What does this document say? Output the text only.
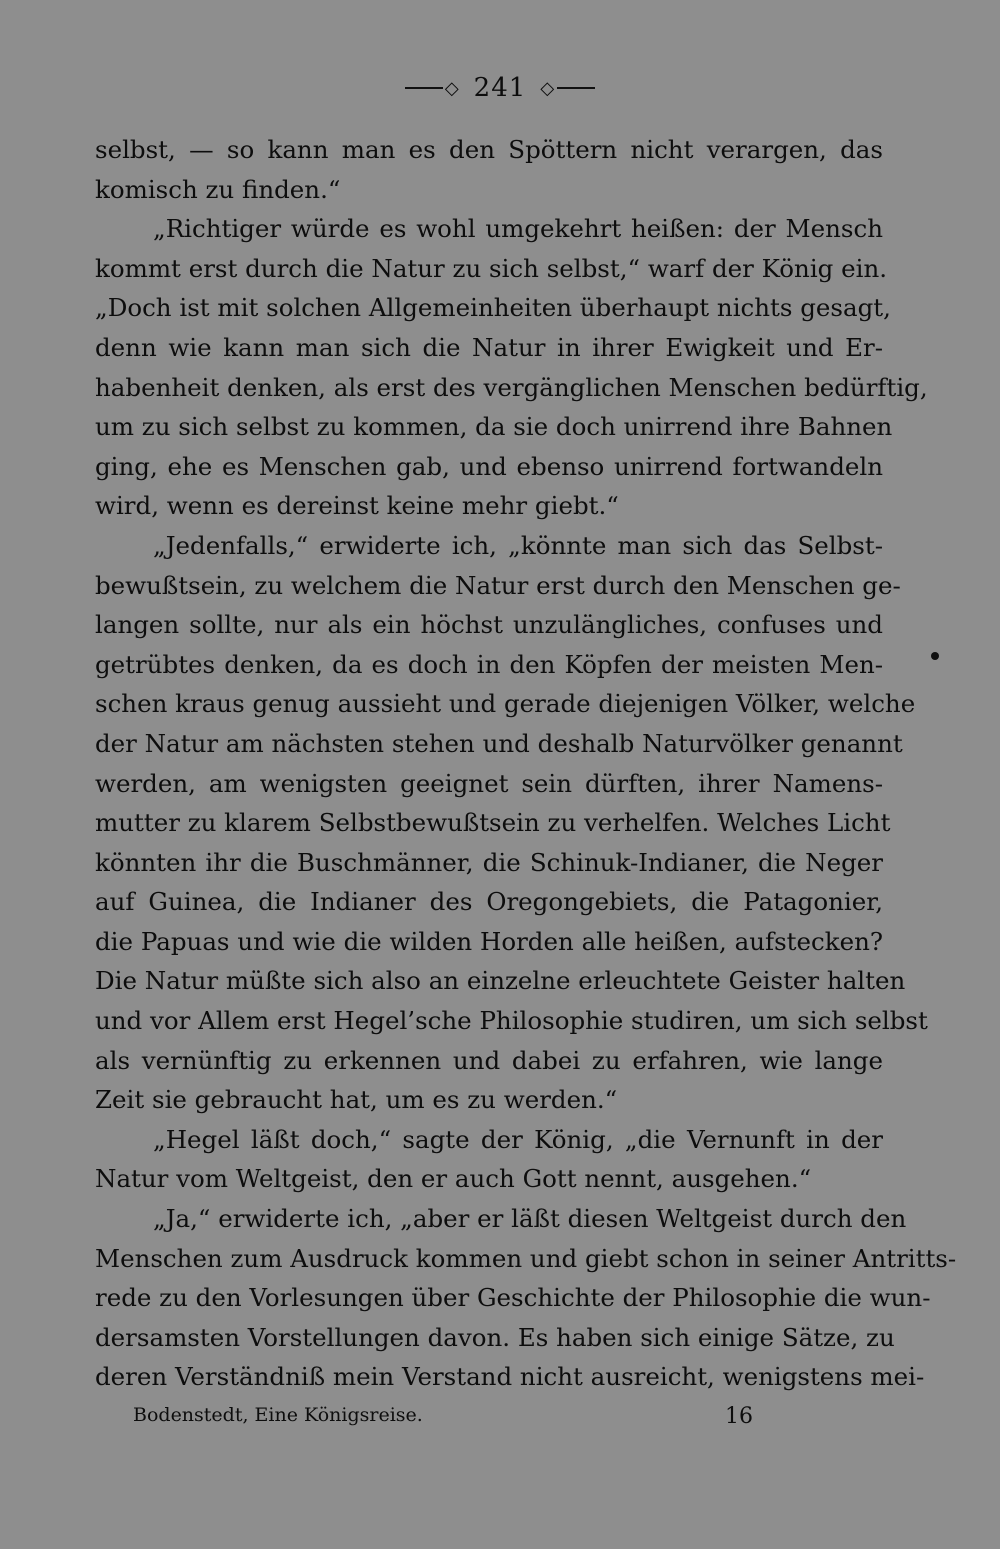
◇ 241 ◇
selbst, — so kann man es den Spöttern nicht verargen, das
komisch zu finden.“
„Richtiger würde es wohl umgekehrt heißen: der Mensch
kommt erst durch die Natur zu sich selbst,“ warf der König ein.
„Doch ist mit solchen Allgemeinheiten überhaupt nichts gesagt,
denn wie kann man sich die Natur in ihrer Ewigkeit und Er-
habenheit denken, als erst des vergänglichen Menschen bedürftig,
um zu sich selbst zu kommen, da sie doch unirrend ihre Bahnen
ging, ehe es Menschen gab, und ebenso unirrend fortwandeln
wird, wenn es dereinst keine mehr giebt.“
„Jedenfalls,“ erwiderte ich, „könnte man sich das Selbst-
bewußtsein, zu welchem die Natur erst durch den Menschen ge-
langen sollte, nur als ein höchst unzulängliches, confuses und
getrübtes denken, da es doch in den Köpfen der meisten Men-
schen kraus genug aussieht und gerade diejenigen Völker, welche
der Natur am nächsten stehen und deshalb Naturvölker genannt
werden, am wenigsten geeignet sein dürften, ihrer Namens-
mutter zu klarem Selbstbewußtsein zu verhelfen. Welches Licht
könnten ihr die Buschmänner, die Schinuk-Indianer, die Neger
auf Guinea, die Indianer des Oregongebiets, die Patagonier,
die Papuas und wie die wilden Horden alle heißen, aufstecken?
Die Natur müßte sich also an einzelne erleuchtete Geister halten
und vor Allem erst Hegel’sche Philosophie studiren, um sich selbst
als vernünftig zu erkennen und dabei zu erfahren, wie lange
Zeit sie gebraucht hat, um es zu werden.“
„Hegel läßt doch,“ sagte der König, „die Vernunft in der
Natur vom Weltgeist, den er auch Gott nennt, ausgehen.“
„Ja,“ erwiderte ich, „aber er läßt diesen Weltgeist durch den
Menschen zum Ausdruck kommen und giebt schon in seiner Antritts-
rede zu den Vorlesungen über Geschichte der Philosophie die wun-
dersamsten Vorstellungen davon. Es haben sich einige Sätze, zu
deren Verständniß mein Verstand nicht ausreicht, wenigstens mei-
Bodenstedt, Eine Königsreise.	16
